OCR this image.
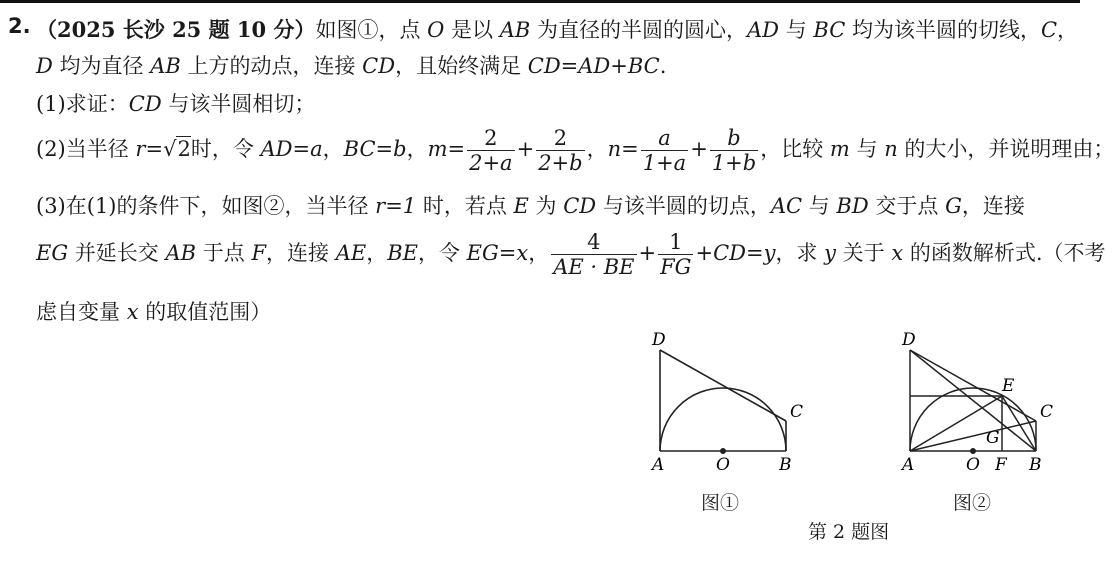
2. （2025 长沙 25 题 10 分）如图①，点 O 是以 AB 为直径的半圆的圆心，AD 与 BC 均为该半圆的切线，C，
D 均为直径 AB 上方的动点，连接 CD，且始终满足 CD=AD+BC.
(1)求证：CD 与该半圆相切；
(2)当半径 r=√2时，令 AD=a，BC=b，$m= \frac{2}{2+a} + \frac{2}{2+b}$ ，$n= \frac{a}{1+a} + \frac{b}{1+b}$ ，比较 m 与 n 的大小，并说明理由；
(3)在(1)的条件下，如图②，当半径 r=1 时，若点 E 为 CD 与该半圆的切点，AC 与 BD 交于点 G，连接
EG 并延长交 AB 于点 F，连接 AE，BE，令 EG=x， $\frac{4}{AE \cdot BE} + \frac{1}{FG} +CD=y$，求 y 关于 x 的函数解析式.（不考
虑自变量 x 的取值范围）
D
C
A	O	B
图①
D
E
C
G
A	O F B
图②
第 2 题图
